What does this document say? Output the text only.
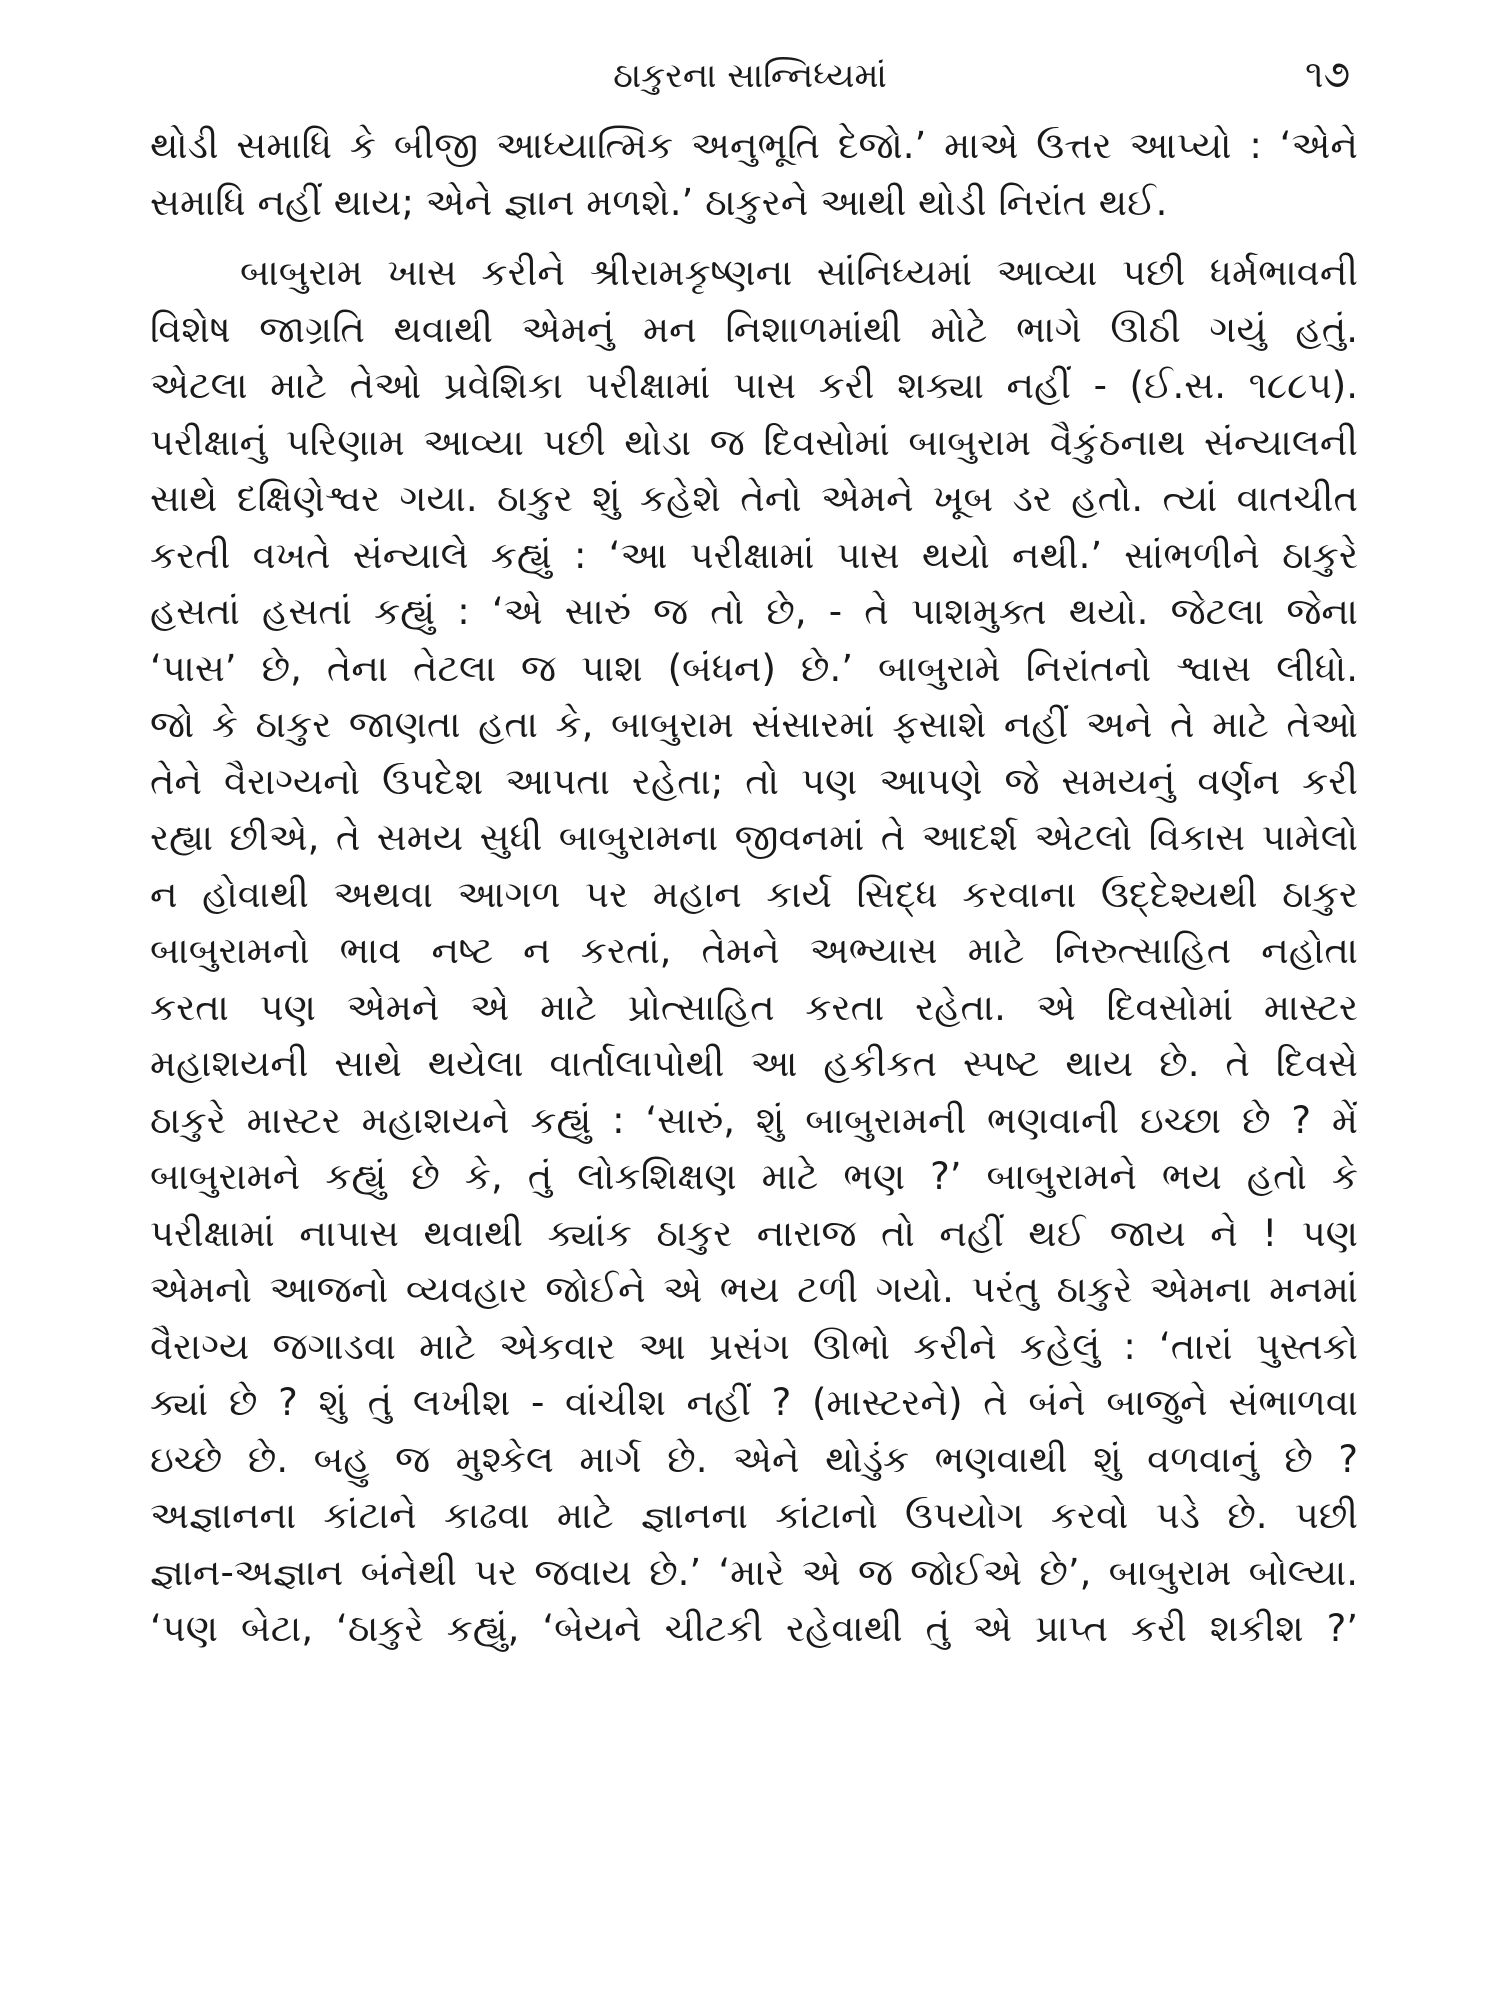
ઠાકુરના સાન્નિધ્યમાં	૧૭
થોડી સમાધિ કે બીજી આધ્યાત્મિક અનુભૂતિ દેજો.’ માએ ઉત્તર આપ્યો : ‘એને
સમાધિ નહીં થાય; એને જ્ઞાન મળશે.’ ઠાકુરને આથી થોડી નિરાંત થઈ.
બાબુરામ ખાસ કરીને શ્રીરામકૃષ્ણના સાંનિધ્યમાં આવ્યા પછી ધર્મભાવની
વિશેષ જાગ્રતિ થવાથી એમનું મન નિશાળમાંથી મોટે ભાગે ઊઠી ગયું હતું.
એટલા માટે તેઓ પ્રવેશિકા પરીક્ષામાં પાસ કરી શક્યા નહીં - (ઈ.સ. ૧૮૮૫).
પરીક્ષાનું પરિણામ આવ્યા પછી થોડા જ દિવસોમાં બાબુરામ વૈકુંઠનાથ સંન્યાલની
સાથે દક્ષિણેશ્વર ગયા. ઠાકુર શું કહેશે તેનો એમને ખૂબ ડર હતો. ત્યાં વાતચીત
કરતી વખતે સંન્યાલે કહ્યું : ‘આ પરીક્ષામાં પાસ થયો નથી.’ સાંભળીને ઠાકુરે
હસતાં હસતાં કહ્યું : ‘એ સારું જ તો છે, - તે પાશમુક્ત થયો. જેટલા જેના
‘પાસ’ છે, તેના તેટલા જ પાશ (બંધન) છે.’ બાબુરામે નિરાંતનો શ્વાસ લીધો.
જો કે ઠાકુર જાણતા હતા કે, બાબુરામ સંસારમાં ફસાશે નહીં અને તે માટે તેઓ
તેને વૈરાગ્યનો ઉપદેશ આપતા રહેતા; તો પણ આપણે જે સમયનું વર્ણન કરી
રહ્યા છીએ, તે સમય સુધી બાબુરામના જીવનમાં તે આદર્શ એટલો વિકાસ પામેલો
ન હોવાથી અથવા આગળ પર મહાન કાર્ય સિદ્ધ કરવાના ઉદ્દેશ્યથી ઠાકુર
બાબુરામનો ભાવ નષ્ટ ન કરતાં, તેમને અભ્યાસ માટે નિરુત્સાહિત નહોતા
કરતા પણ એમને એ માટે પ્રોત્સાહિત કરતા રહેતા. એ દિવસોમાં માસ્ટર
મહાશયની સાથે થયેલા વાર્તાલાપોથી આ હકીકત સ્પષ્ટ થાય છે. તે દિવસે
ઠાકુરે માસ્ટર મહાશયને કહ્યું : ‘સારું, શું બાબુરામની ભણવાની ઇચ્છા છે ? મેં
બાબુરામને કહ્યું છે કે, તું લોકશિક્ષણ માટે ભણ ?’ બાબુરામને ભય હતો કે
પરીક્ષામાં નાપાસ થવાથી ક્યાંક ઠાકુર નારાજ તો નહીં થઈ જાય ને ! પણ
એમનો આજનો વ્યવહાર જોઈને એ ભય ટળી ગયો. પરંતુ ઠાકુરે એમના મનમાં
વૈરાગ્ય જગાડવા માટે એકવાર આ પ્રસંગ ઊભો કરીને કહેલું : ‘તારાં પુસ્તકો
ક્યાં છે ? શું તું લખીશ - વાંચીશ નહીં ? (માસ્ટરને) તે બંને બાજુને સંભાળવા
ઇચ્છે છે. બહુ જ મુશ્કેલ માર્ગ છે. એને થોડુંક ભણવાથી શું વળવાનું છે ?
અજ્ઞાનના કાંટાને કાઢવા માટે જ્ઞાનના કાંટાનો ઉપયોગ કરવો પડે છે. પછી
જ્ઞાન-અજ્ઞાન બંનેથી પર જવાય છે.’ ‘મારે એ જ જોઈએ છે’, બાબુરામ બોલ્યા.
‘પણ બેટા, ‘ઠાકુરે કહ્યું, ‘બેયને ચીટકી રહેવાથી તું એ પ્રાપ્ત કરી શકીશ ?’
